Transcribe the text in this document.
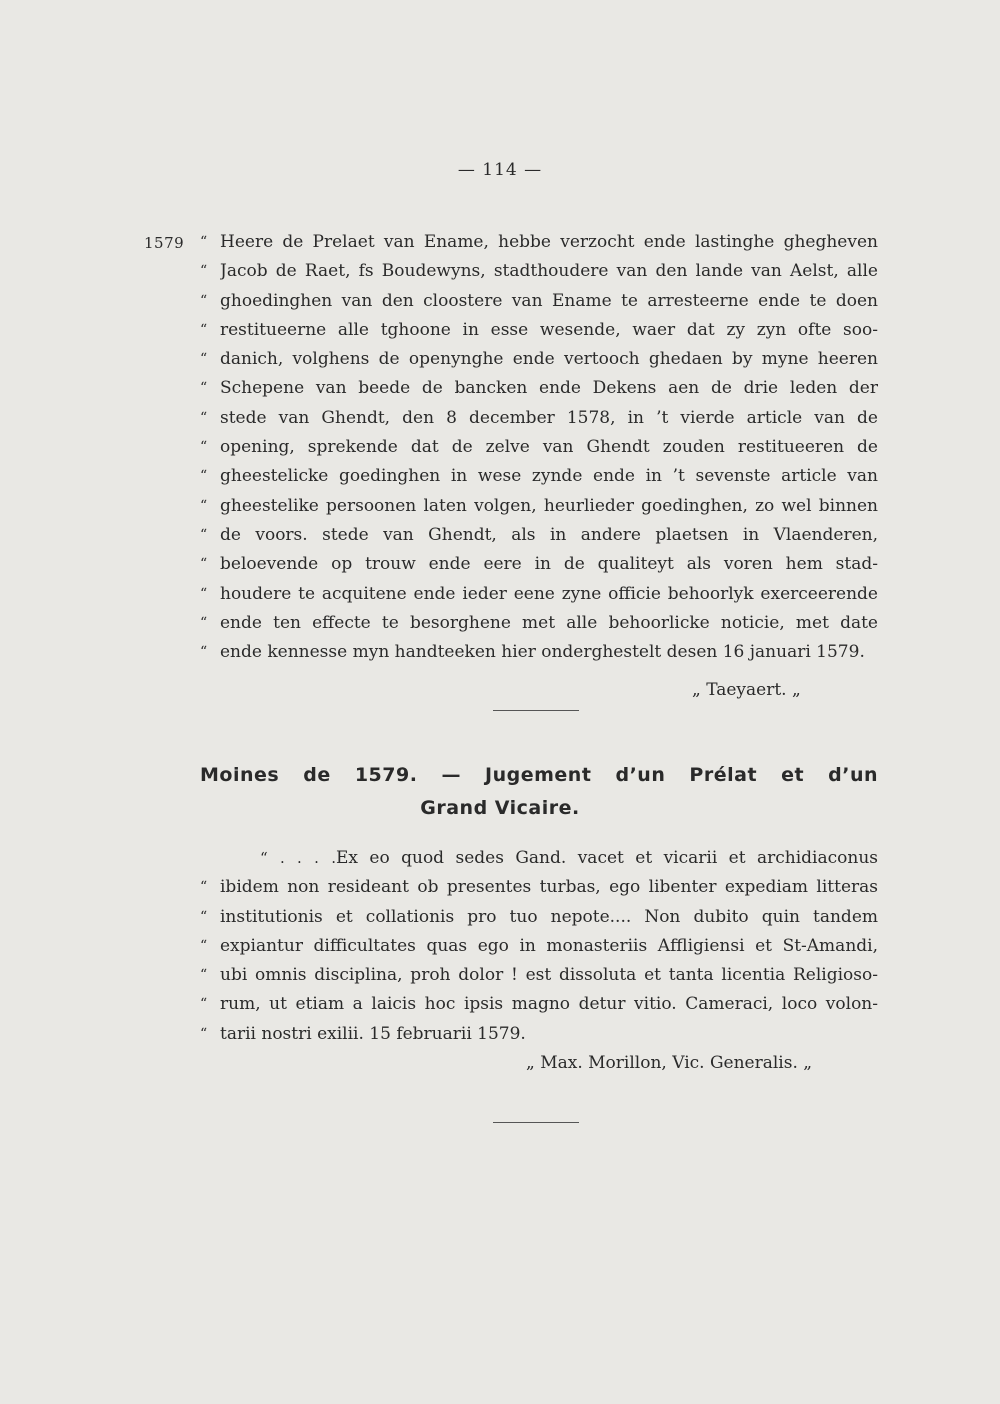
— 114 —
1579 “ Heere de Prelaet van Ename, hebbe verzocht ende lastinghe ghegheven
“ Jacob de Raet, fs Boudewyns, stadthoudere van den lande van Aelst, alle
“ ghoedinghen van den cloostere van Ename te arresteerne ende te doen
“ restitueerne alle tghoone in esse wesende, waer dat zy zyn ofte soo-
“ danich, volghens de openynghe ende vertooch ghedaen by myne heeren
“ Schepene van beede de bancken ende Dekens aen de drie leden der
“ stede van Ghendt, den 8 december 1578, in ’t vierde article van de
“ opening, sprekende dat de zelve van Ghendt zouden restitueeren de
“ gheestelicke goedinghen in wese zynde ende in ’t sevenste article van
“ gheestelike persoonen laten volgen, heurlieder goedinghen, zo wel binnen
“ de voors. stede van Ghendt, als in andere plaetsen in Vlaenderen,
“ beloevende op trouw ende eere in de qualiteyt als voren hem stad-
“ houdere te acquitene ende ieder eene zyne officie behoorlyk exerceerende
“ ende ten effecte te besorghene met alle behoorlicke noticie, met date
“ ende kennesse myn handteeken hier onderghestelt desen 16 januari 1579.
„ Taeyaert. „
Moines de 1579. — Jugement d’un Prélat et d’un
Grand Vicaire.
“ . . . . Ex eo quod sedes Gand. vacet et vicarii et archidiaconus
“ ibidem non resideant ob presentes turbas, ego libenter expediam litteras
“ institutionis et collationis pro tuo nepote.... Non dubito quin tandem
“ expiantur difficultates quas ego in monasteriis Affligiensi et St-Amandi,
“ ubi omnis disciplina, proh dolor ! est dissoluta et tanta licentia Religioso-
“ rum, ut etiam a laicis hoc ipsis magno detur vitio. Cameraci, loco volon-
“ tarii nostri exilii. 15 februarii 1579.
„ Max. Morillon, Vic. Generalis. „
